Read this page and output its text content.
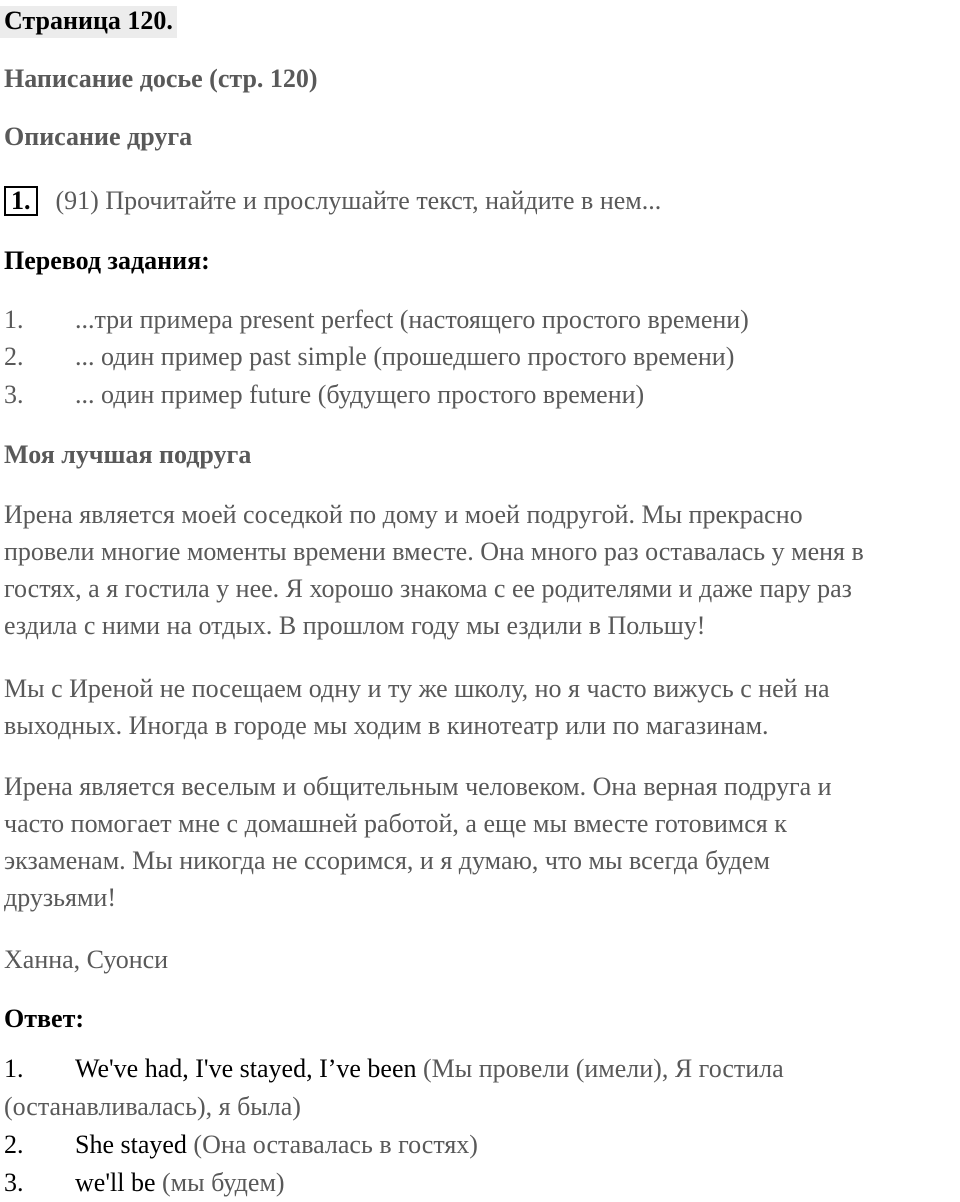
Страница 120.
Написание досье (стр. 120)
Описание друга
1. (91) Прочитайте и прослушайте текст, найдите в нем...
Перевод задания:
1. ...три примера present perfect (настоящего простого времени)
2. ... один пример past simple (прошедшего простого времени)
3. ... один пример future (будущего простого времени)
Моя лучшая подруга
Ирена является моей соседкой по дому и моей подругой. Мы прекрасно
провели многие моменты времени вместе. Она много раз оставалась у меня в
гостях, а я гостила у нее. Я хорошо знакома с ее родителями и даже пару раз
ездила с ними на отдых. В прошлом году мы ездили в Польшу!
Мы с Иреной не посещаем одну и ту же школу, но я часто вижусь с ней на
выходных. Иногда в городе мы ходим в кинотеатр или по магазинам.
Ирена является веселым и общительным человеком. Она верная подруга и
часто помогает мне с домашней работой, а еще мы вместе готовимся к
экзаменам. Мы никогда не ссоримся, и я думаю, что мы всегда будем
друзьями!
Ханна, Суонси
Ответ:
1. We've had, I've stayed, I’ve been (Мы провели (имели), Я гостила
(останавливалась), я была)
2. She stayed (Она оставалась в гостях)
3. we'll be (мы будем)
